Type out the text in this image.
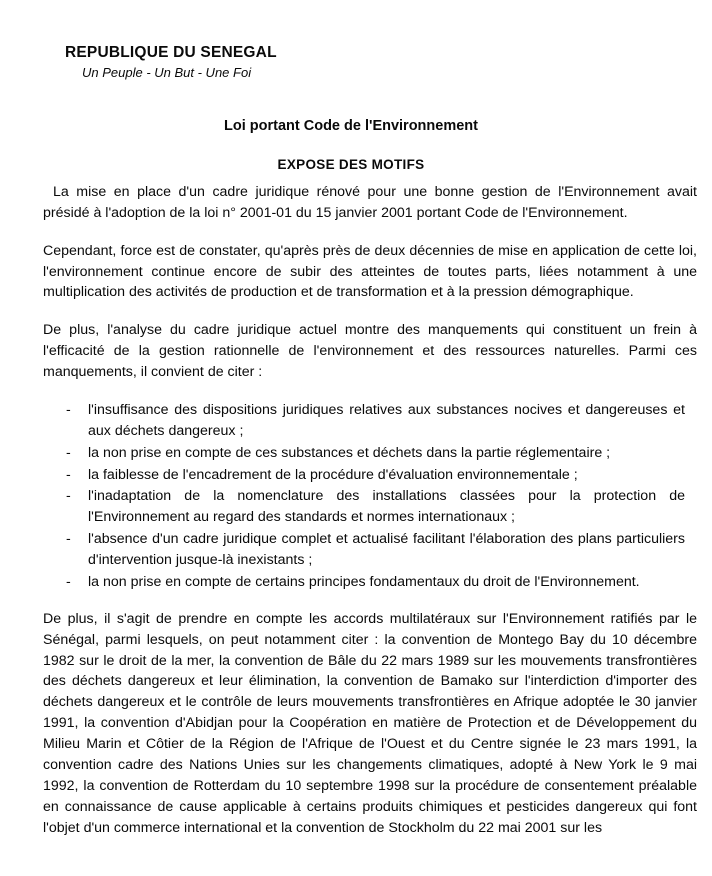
REPUBLIQUE DU SENEGAL
Un Peuple - Un But - Une Foi
Loi portant Code de l'Environnement
EXPOSE DES MOTIFS

La mise en place d'un cadre juridique rénové pour une bonne gestion de l'Environnement avait présidé à l'adoption de la loi n° 2001-01 du 15 janvier 2001 portant Code de l'Environnement.

Cependant, force est de constater, qu'après près de deux décennies de mise en application de cette loi, l'environnement continue encore de subir des atteintes de toutes parts, liées notamment à une multiplication des activités de production et de transformation et à la pression démographique.

De plus, l'analyse du cadre juridique actuel montre des manquements qui constituent un frein à l'efficacité de la gestion rationnelle de l'environnement et des ressources naturelles. Parmi ces manquements, il convient de citer :

- l'insuffisance des dispositions juridiques relatives aux substances nocives et dangereuses et aux déchets dangereux ;
- la non prise en compte de ces substances et déchets dans la partie réglementaire ;
- la faiblesse de l'encadrement de la procédure d'évaluation environnementale ;
- l'inadaptation de la nomenclature des installations classées pour la protection de l'Environnement au regard des standards et normes internationaux ;
- l'absence d'un cadre juridique complet et actualisé facilitant l'élaboration des plans particuliers d'intervention jusque-là inexistants ;
- la non prise en compte de certains principes fondamentaux du droit de l'Environnement.

De plus, il s'agit de prendre en compte les accords multilatéraux sur l'Environnement ratifiés par le Sénégal, parmi lesquels, on peut notamment citer : la convention de Montego Bay du 10 décembre 1982 sur le droit de la mer, la convention de Bâle du 22 mars 1989 sur les mouvements transfrontières des déchets dangereux et leur élimination, la convention de Bamako sur l'interdiction d'importer des déchets dangereux et le contrôle de leurs mouvements transfrontières en Afrique adoptée le 30 janvier 1991, la convention d'Abidjan pour la Coopération en matière de Protection et de Développement du Milieu Marin et Côtier de la Région de l'Afrique de l'Ouest et du Centre signée le 23 mars 1991, la convention cadre des Nations Unies sur les changements climatiques, adopté à New York le 9 mai 1992, la convention de Rotterdam du 10 septembre 1998 sur la procédure de consentement préalable en connaissance de cause applicable à certains produits chimiques et pesticides dangereux qui font l'objet d'un commerce international et la convention de Stockholm du 22 mai 2001 sur les
